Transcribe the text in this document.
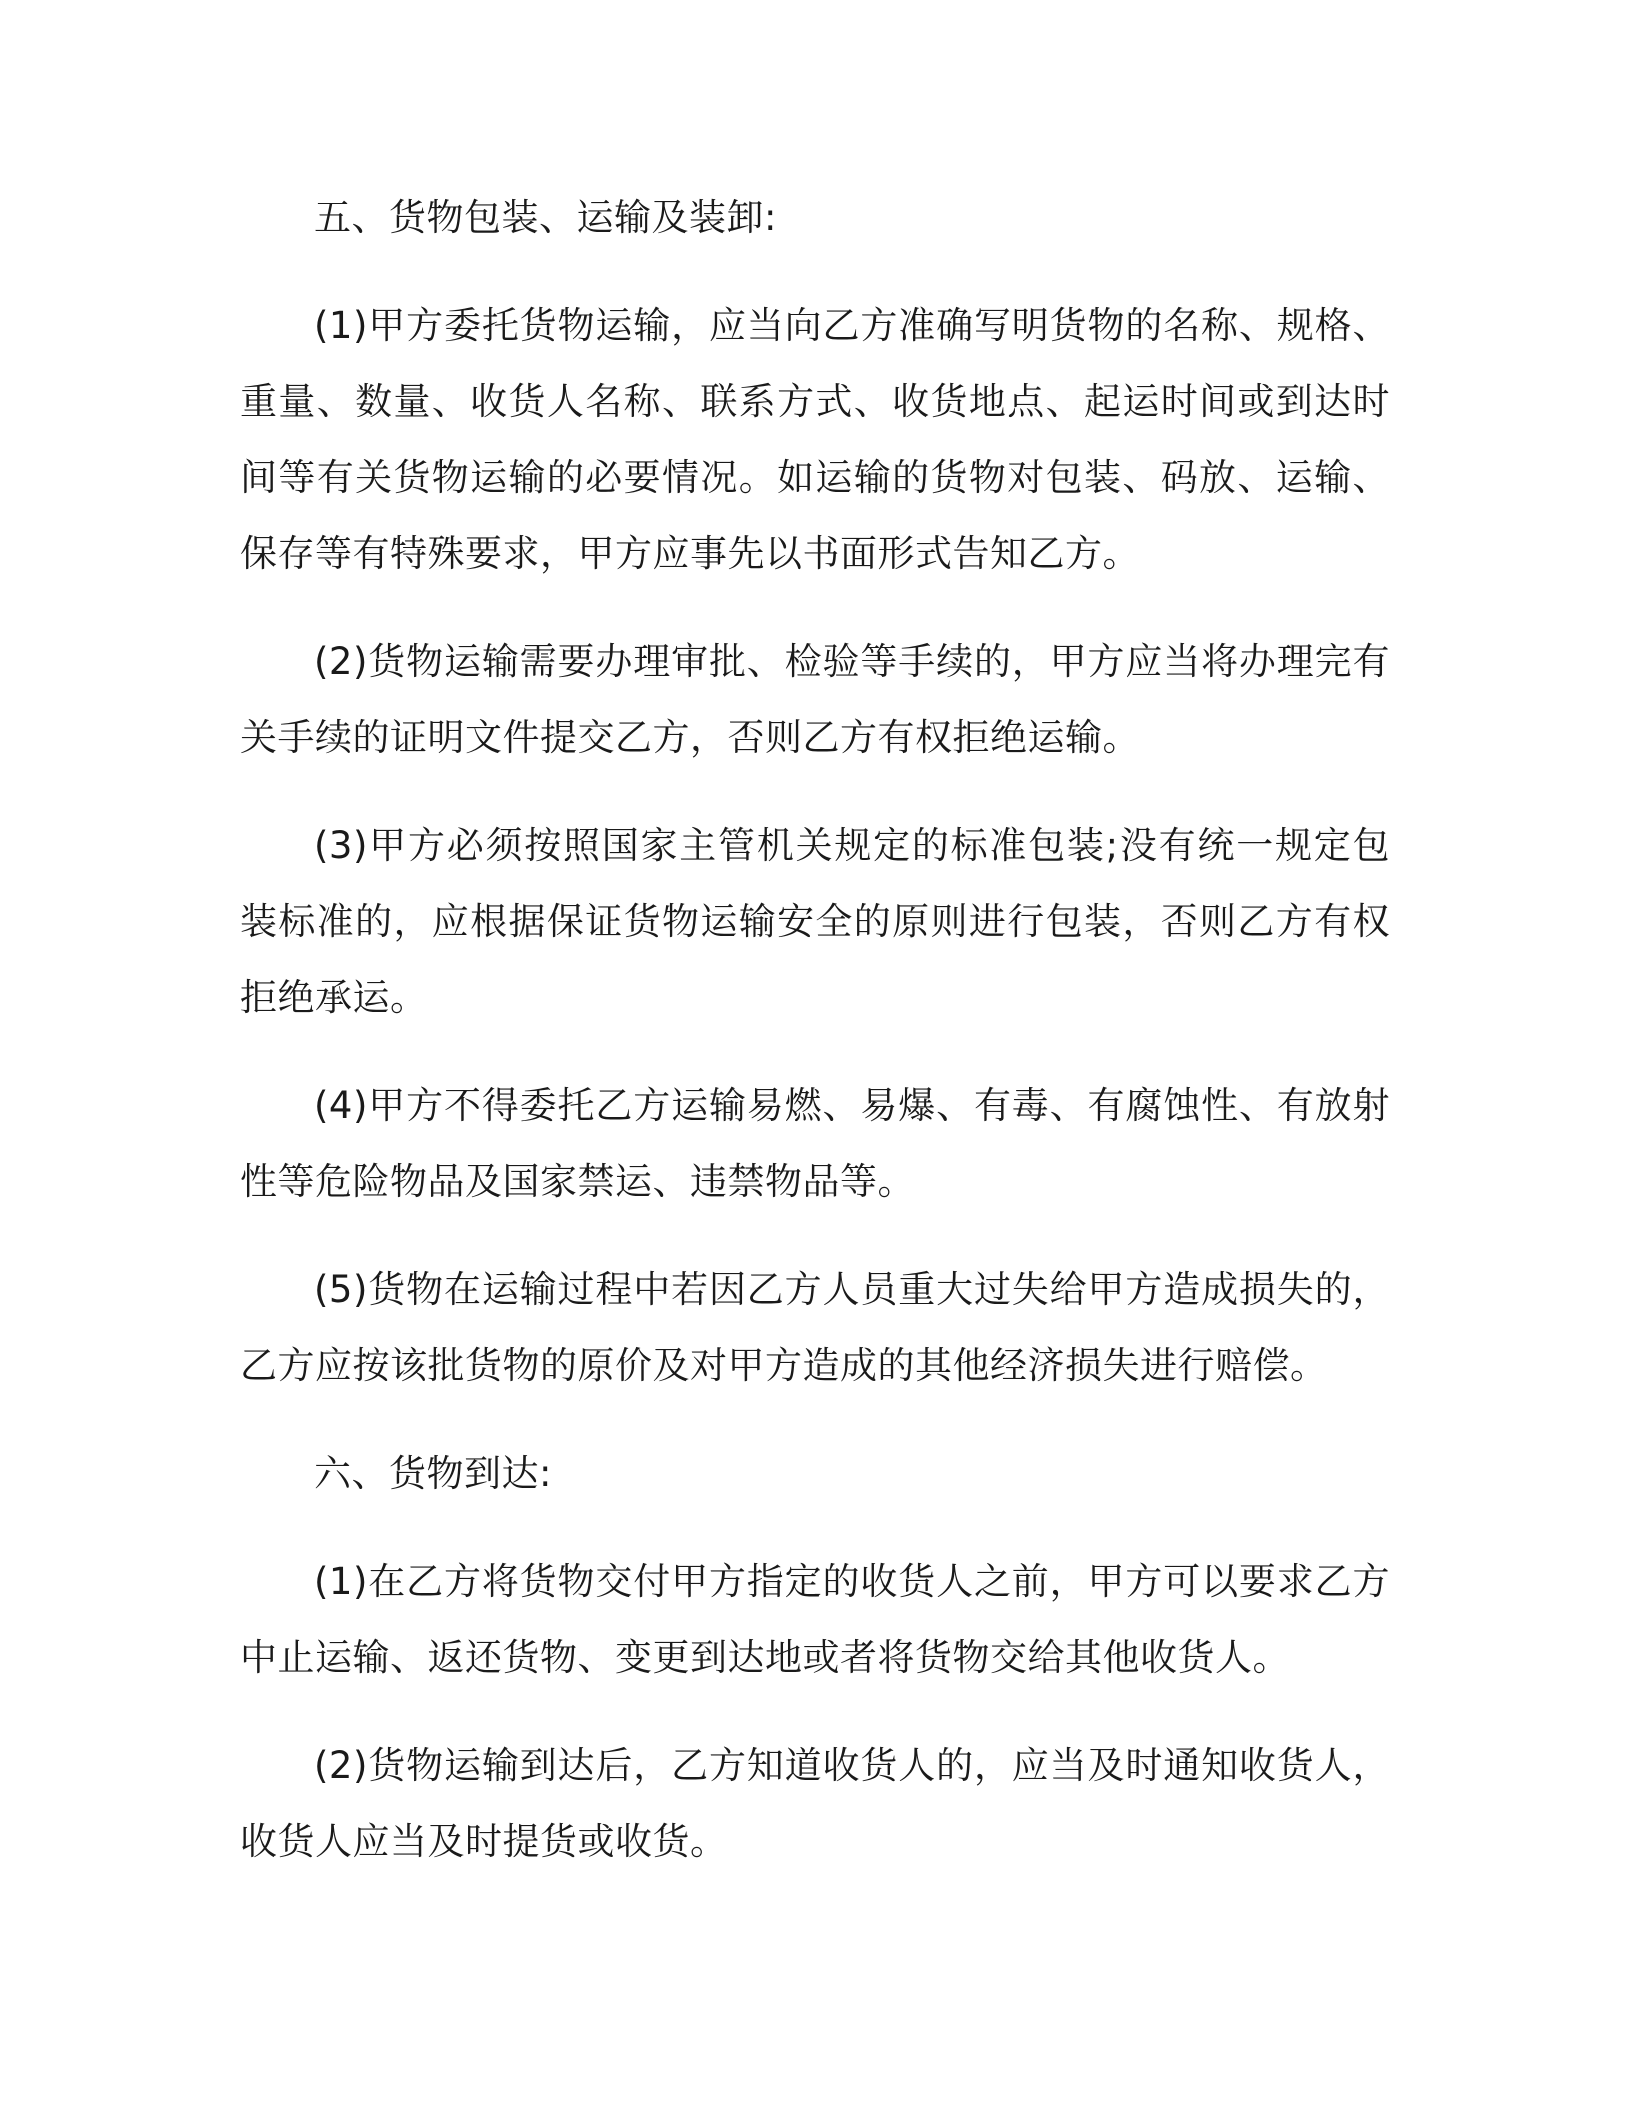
五、货物包装、运输及装卸:
(1)甲方委托货物运输，应当向乙方准确写明货物的名称、规格、重量、数量、收货人名称、联系方式、收货地点、起运时间或到达时间等有关货物运输的必要情况。如运输的货物对包装、码放、运输、保存等有特殊要求，甲方应事先以书面形式告知乙方。
(2)货物运输需要办理审批、检验等手续的，甲方应当将办理完有关手续的证明文件提交乙方，否则乙方有权拒绝运输。
(3)甲方必须按照国家主管机关规定的标准包装;没有统一规定包装标准的，应根据保证货物运输安全的原则进行包装，否则乙方有权拒绝承运。
(4)甲方不得委托乙方运输易燃、易爆、有毒、有腐蚀性、有放射性等危险物品及国家禁运、违禁物品等。
(5)货物在运输过程中若因乙方人员重大过失给甲方造成损失的，乙方应按该批货物的原价及对甲方造成的其他经济损失进行赔偿。
六、货物到达:
(1)在乙方将货物交付甲方指定的收货人之前，甲方可以要求乙方中止运输、返还货物、变更到达地或者将货物交给其他收货人。
(2)货物运输到达后，乙方知道收货人的，应当及时通知收货人，收货人应当及时提货或收货。
